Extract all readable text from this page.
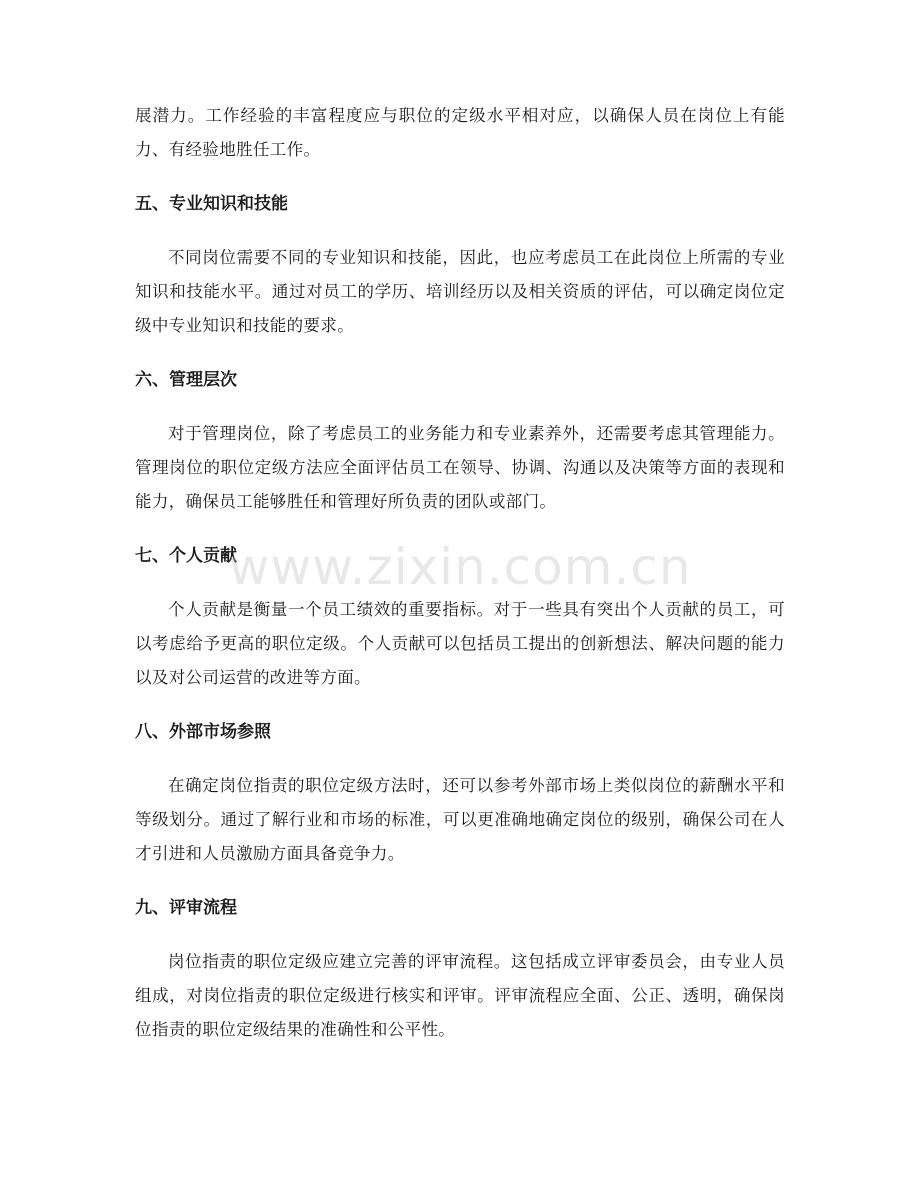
展潜力。工作经验的丰富程度应与职位的定级水平相对应，以确保人员在岗位上有能力、有经验地胜任工作。

五、专业知识和技能

不同岗位需要不同的专业知识和技能，因此，也应考虑员工在此岗位上所需的专业知识和技能水平。通过对员工的学历、培训经历以及相关资质的评估，可以确定岗位定级中专业知识和技能的要求。

六、管理层次

对于管理岗位，除了考虑员工的业务能力和专业素养外，还需要考虑其管理能力。管理岗位的职位定级方法应全面评估员工在领导、协调、沟通以及决策等方面的表现和能力，确保员工能够胜任和管理好所负责的团队或部门。

七、个人贡献

个人贡献是衡量一个员工绩效的重要指标。对于一些具有突出个人贡献的员工，可以考虑给予更高的职位定级。个人贡献可以包括员工提出的创新想法、解决问题的能力以及对公司运营的改进等方面。

八、外部市场参照

在确定岗位指责的职位定级方法时，还可以参考外部市场上类似岗位的薪酬水平和等级划分。通过了解行业和市场的标准，可以更准确地确定岗位的级别，确保公司在人才引进和人员激励方面具备竞争力。

九、评审流程

岗位指责的职位定级应建立完善的评审流程。这包括成立评审委员会，由专业人员组成，对岗位指责的职位定级进行核实和评审。评审流程应全面、公正、透明，确保岗位指责的职位定级结果的准确性和公平性。

www.zixin.com.cn
